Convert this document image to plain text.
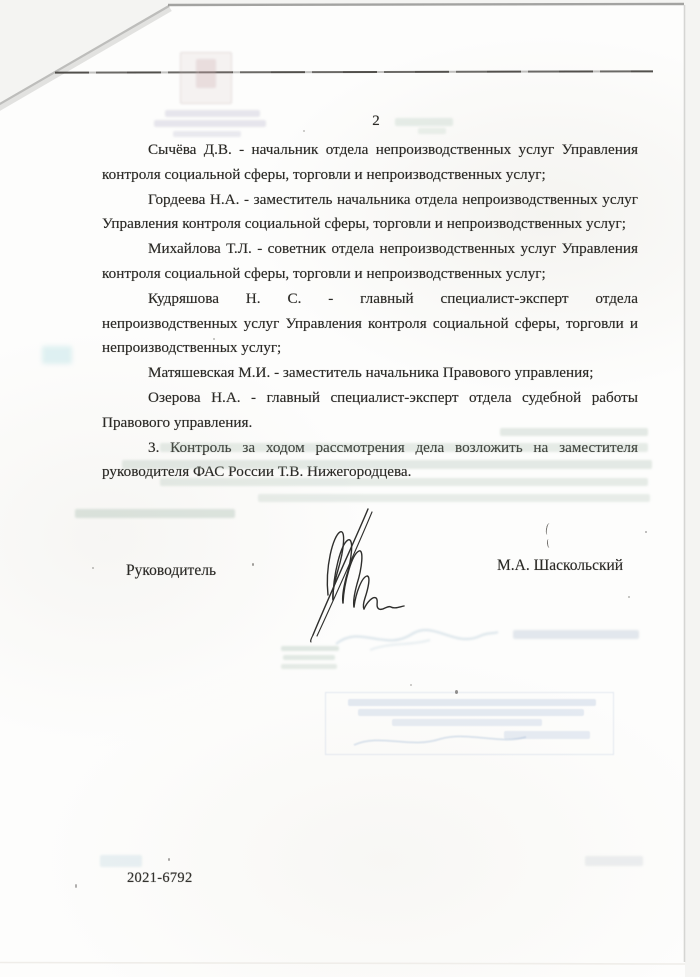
2

Сычёва Д.В. - начальник отдела непроизводственных услуг Управления контроля социальной сферы, торговли и непроизводственных услуг;

Гордеева Н.А. - заместитель начальника отдела непроизводственных услуг Управления контроля социальной сферы, торговли и непроизводственных услуг;

Михайлова Т.Л. - советник отдела непроизводственных услуг Управления контроля социальной сферы, торговли и непроизводственных услуг;

Кудряшова Н. С. - главный специалист-эксперт отдела непроизводственных услуг Управления контроля социальной сферы, торговли и непроизводственных услуг;

Матяшевская М.И. - заместитель начальника Правового управления;

Озерова Н.А. - главный специалист-эксперт отдела судебной работы Правового управления.

3. Контроль за ходом рассмотрения дела возложить на заместителя руководителя ФАС России Т.В. Нижегородцева.

Руководитель	М.А. Шаскольский
2021-6792
